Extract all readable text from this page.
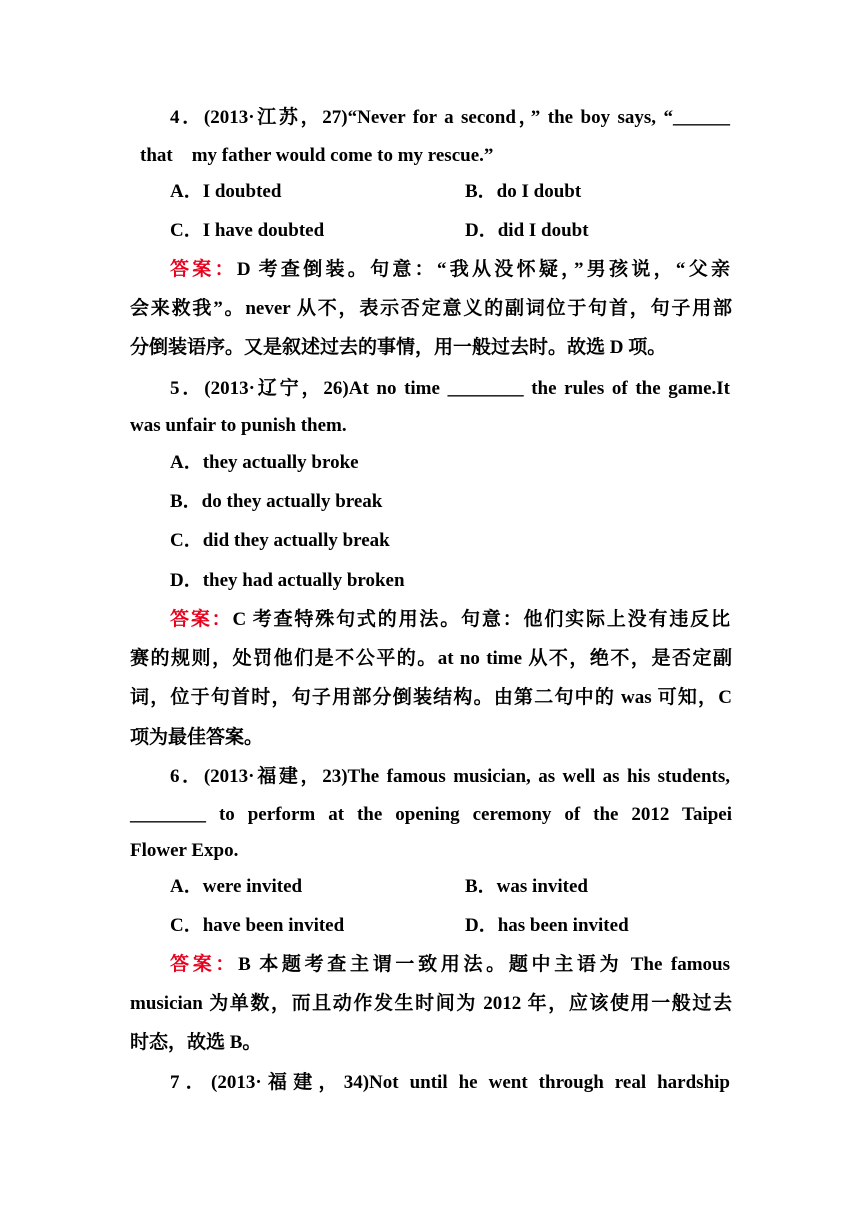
4．(2013·江苏，27)“Never for a second，” the boy says, “______
that    my father would come to my rescue.”
A．I doubted	B．do I doubt
C．I have doubted	D．did I doubt
答案：D 考查倒装。句意：“我从没怀疑，”男孩说，“父亲
会来救我”。never 从不，表示否定意义的副词位于句首，句子用部
分倒装语序。又是叙述过去的事情，用一般过去时。故选 D 项。
5．(2013·辽宁，26)At no time ________ the rules of the game.It
was unfair to punish them.
A．they actually broke
B．do they actually break
C．did they actually break
D．they had actually broken
答案：C 考查特殊句式的用法。句意：他们实际上没有违反比
赛的规则，处罚他们是不公平的。at no time 从不，绝不，是否定副
词，位于句首时，句子用部分倒装结构。由第二句中的 was 可知，C
项为最佳答案。
6．(2013·福建，23)The famous musician, as well as his students,
________ to perform at the opening ceremony of the 2012 Taipei
Flower Expo.
A．were invited	B．was invited
C．have been invited	D．has been invited
答案：B 本题考查主谓一致用法。题中主语为 The famous
musician 为单数，而且动作发生时间为 2012 年，应该使用一般过去
时态，故选 B。
7．(2013·福建，34)Not until he went through real hardship
